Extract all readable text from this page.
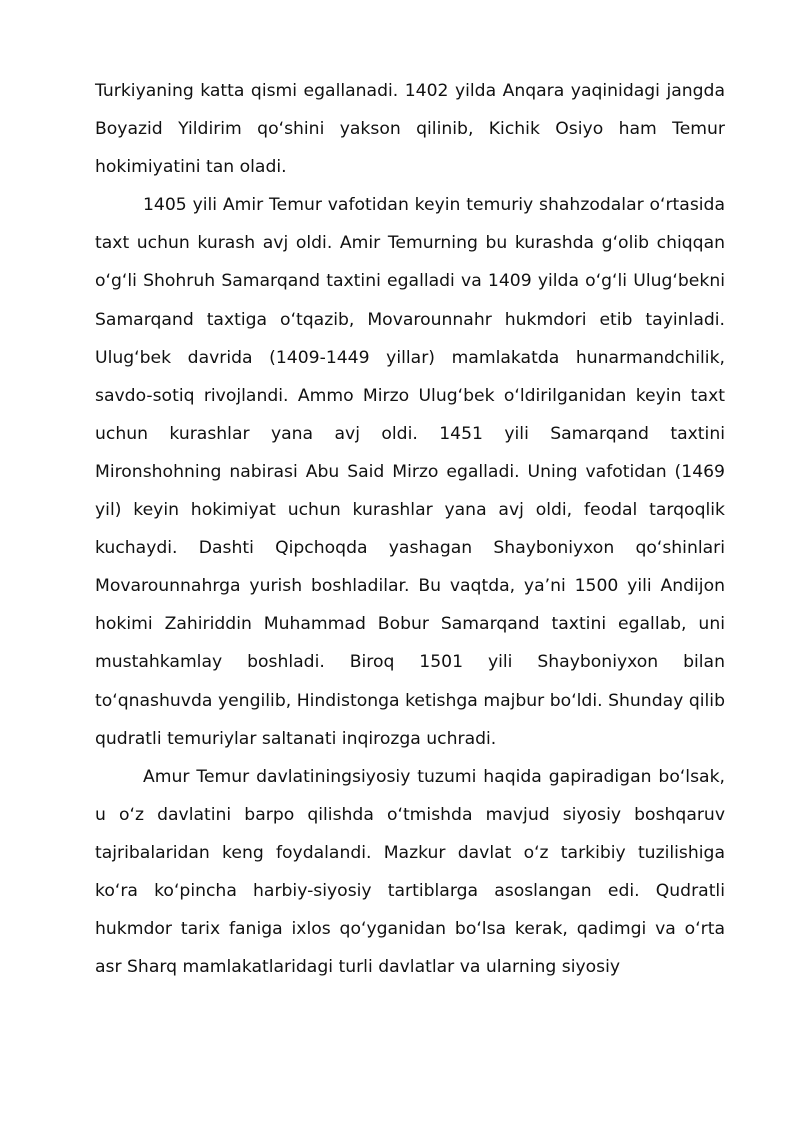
Turkiyaning katta qismi egallanadi. 1402 yilda Anqara yaqinidagi jangda Boyazid Yildirim qo‘shini yakson qilinib, Kichik Osiyo ham Temur hokimiyatini tan oladi.

1405 yili Amir Temur vafotidan keyin temuriy shahzodalar o‘rtasida taxt uchun kurash avj oldi. Amir Temurning bu kurashda g‘olib chiqqan o‘g‘li Shohruh Samarqand taxtini egalladi va 1409 yilda o‘g‘li Ulug‘bekni Samarqand taxtiga o‘tqazib, Movarounnahr hukmdori etib tayinladi. Ulug‘bek davrida (1409-1449 yillar) mamlakatda hunarmandchilik, savdo-sotiq rivojlandi. Ammo Mirzo Ulug‘bek o‘ldirilganidan keyin taxt uchun kurashlar yana avj oldi. 1451 yili Samarqand taxtini Mironshohning nabirasi Abu Said Mirzo egalladi. Uning vafotidan (1469 yil) keyin hokimiyat uchun kurashlar yana avj oldi, feodal tarqoqlik kuchaydi. Dashti Qipchoqda yashagan Shayboniyxon qo‘shinlari Movarounnahrga yurish boshladilar. Bu vaqtda, ya’ni 1500 yili Andijon hokimi Zahiriddin Muhammad Bobur Samarqand taxtini egallab, uni mustahkamlay boshladi. Biroq 1501 yili Shayboniyxon bilan to‘qnashuvda yengilib, Hindistonga ketishga majbur bo‘ldi. Shunday qilib qudratli temuriylar saltanati inqirozga uchradi.

Amur Temur davlatiningsiyosiy tuzumi haqida gapiradigan bo‘lsak, u o‘z davlatini barpo qilishda o‘tmishda mavjud siyosiy boshqaruv tajribalaridan keng foydalandi. Mazkur davlat o‘z tarkibiy tuzilishiga ko‘ra ko‘pincha harbiy-siyosiy tartiblarga asoslangan edi. Qudratli hukmdor tarix faniga ixlos qo‘yganidan bo‘lsa kerak, qadimgi va o‘rta asr Sharq mamlakatlaridagi turli davlatlar va ularning siyosiy
